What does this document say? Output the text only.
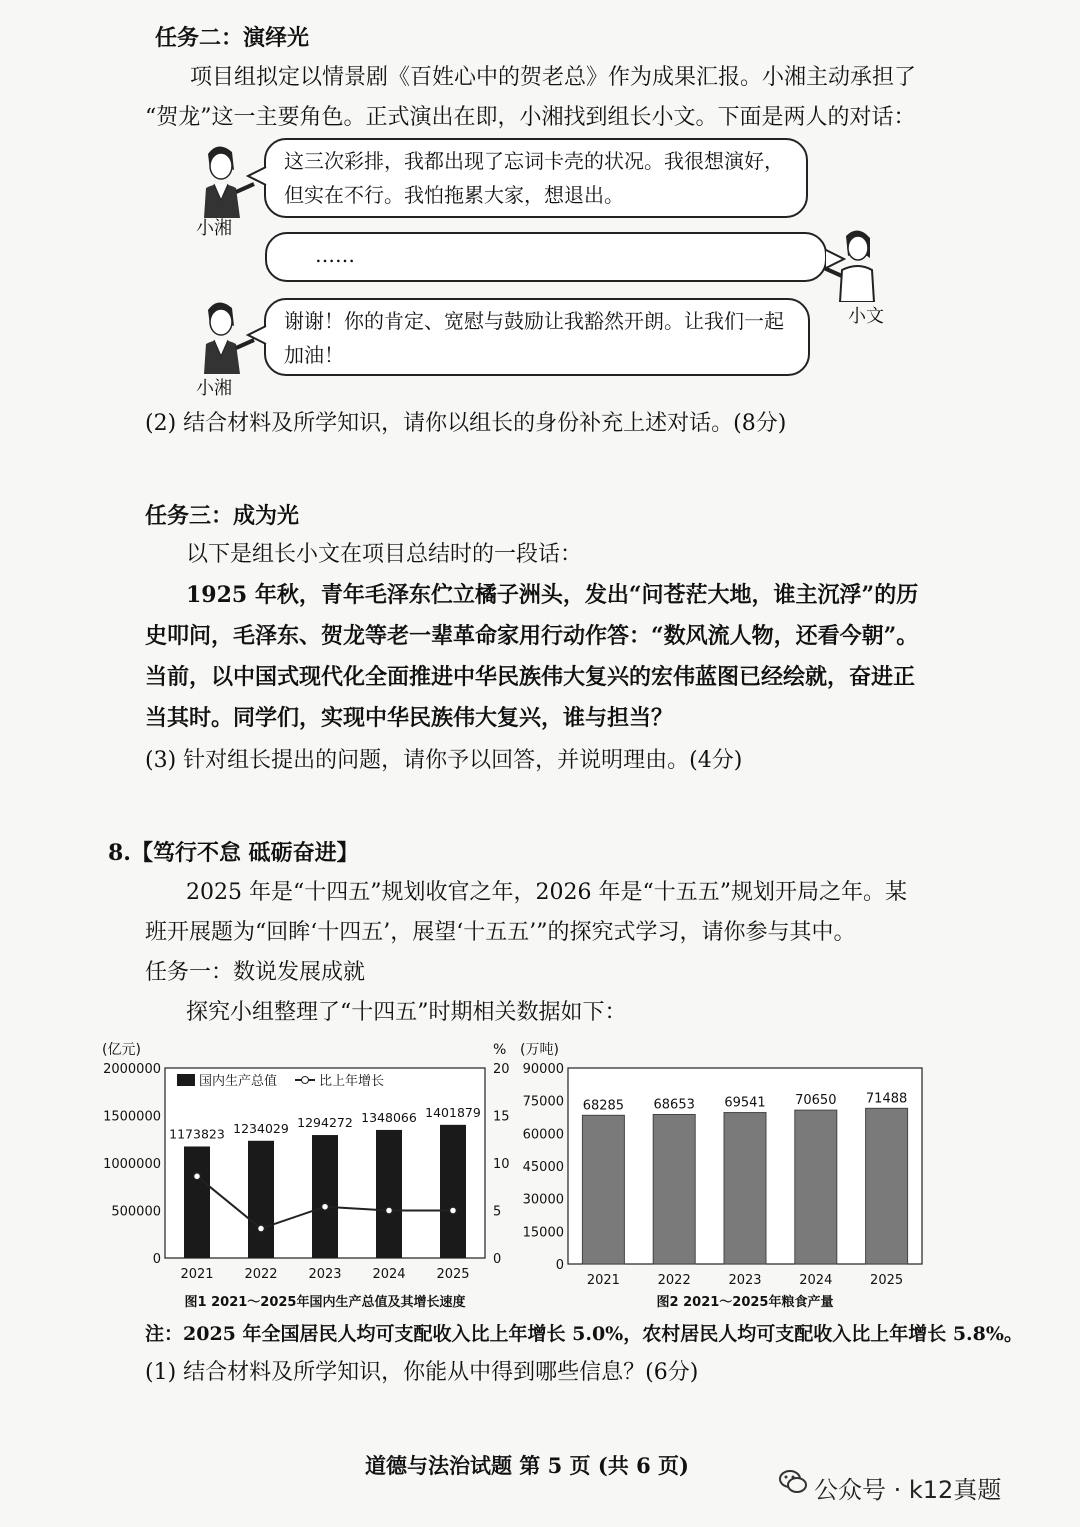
任务二：演绎光
项目组拟定以情景剧《百姓心中的贺老总》作为成果汇报。小湘主动承担了
“贺龙”这一主要角色。正式演出在即，小湘找到组长小文。下面是两人的对话：
小湘
这三次彩排，我都出现了忘词卡壳的状况。我很想演好，但实在不行。我怕拖累大家，想退出。
……
小文
小湘
谢谢！你的肯定、宽慰与鼓励让我豁然开朗。让我们一起加油！
(2) 结合材料及所学知识，请你以组长的身份补充上述对话。(8分)
任务三：成为光
以下是组长小文在项目总结时的一段话：
1925 年秋，青年毛泽东伫立橘子洲头，发出“问苍茫大地，谁主沉浮”的历史叩问，毛泽东、贺龙等老一辈革命家用行动作答：“数风流人物，还看今朝”。当前，以中国式现代化全面推进中华民族伟大复兴的宏伟蓝图已经绘就，奋进正当其时。同学们，实现中华民族伟大复兴，谁与担当？
(3) 针对组长提出的问题，请你予以回答，并说明理由。(4分)
8.【笃行不怠 砥砺奋进】
2025 年是“十四五”规划收官之年，2026 年是“十五五”规划开局之年。某
班开展题为“回眸‘十四五’，展望‘十五五’”的探究式学习，请你参与其中。
任务一：数说发展成就
探究小组整理了“十四五”时期相关数据如下：
(亿元)	%
0
500000
1000000
1500000
2000000
0
5
10
15
20
1173823
2021
1234029
2022
1294272
2023
1348066
2024
1401879
2025
国内生产总值	比上年增长
图1 2021～2025年国内生产总值及其增长速度
(万吨)
0
15000
30000
45000
60000
75000
90000
68285
2021
68653
2022
69541
2023
70650
2024
71488
2025
图2 2021～2025年粮食产量
注：2025 年全国居民人均可支配收入比上年增长 5.0%，农村居民人均可支配收入比上年增长 5.8%。
(1) 结合材料及所学知识，你能从中得到哪些信息？(6分)
道德与法治试题 第 5 页 (共 6 页)
公众号 · k12真题
